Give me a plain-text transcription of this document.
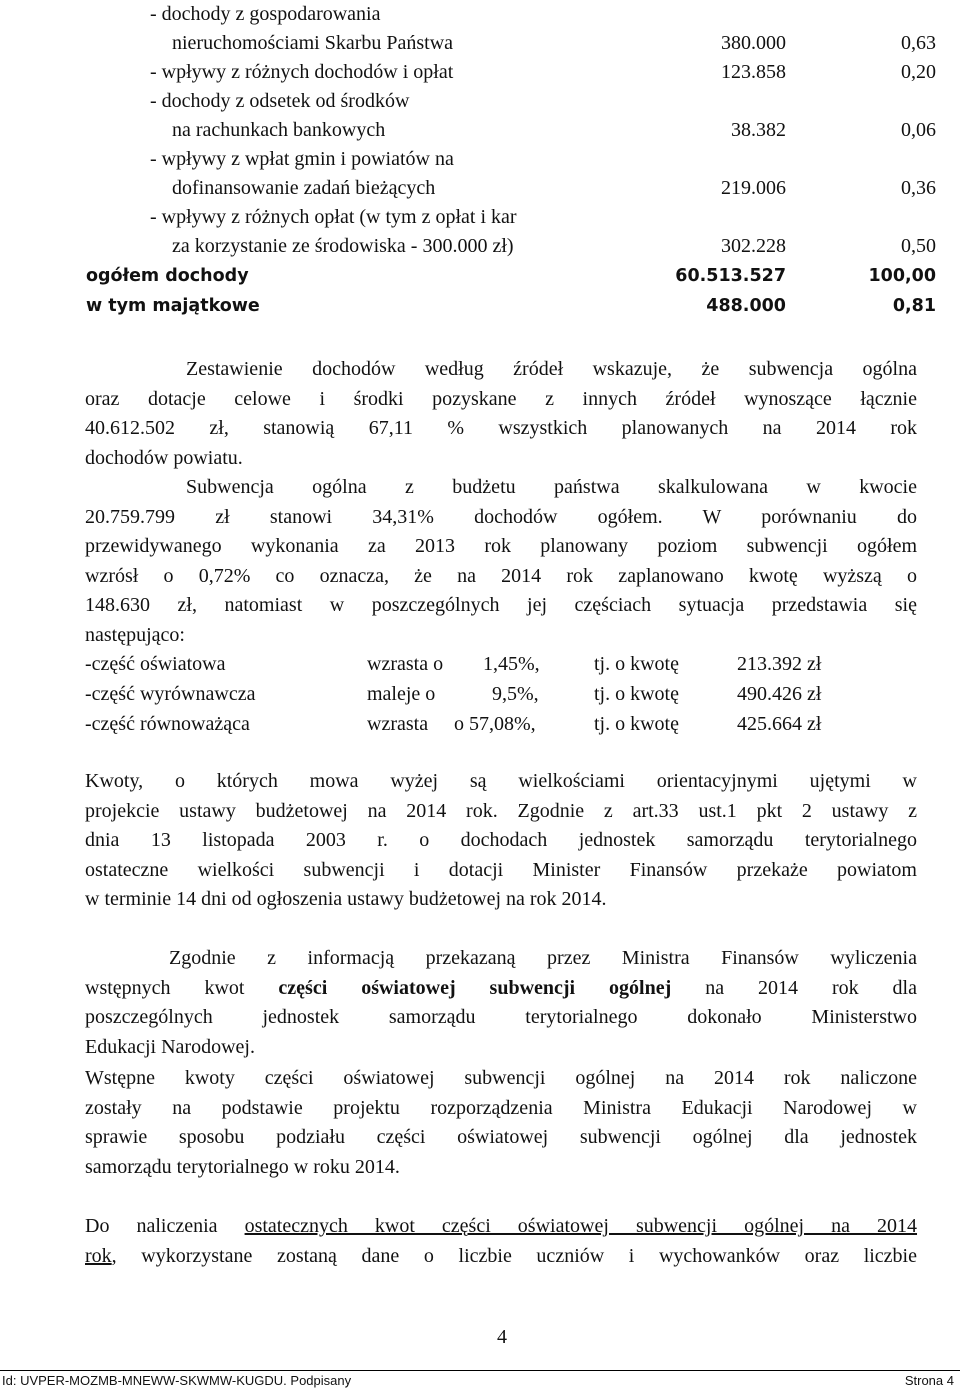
- dochody z gospodarowania
nieruchomościami Skarbu Państwa	380.000	0,63
- wpływy z różnych dochodów i opłat	123.858	0,20
- dochody z odsetek od środków
na rachunkach bankowych	38.382	0,06
- wpływy z wpłat gmin i powiatów na
dofinansowanie zadań bieżących	219.006	0,36
- wpływy z różnych opłat (w tym z opłat i kar
za korzystanie ze środowiska - 300.000 zł)	302.228	0,50
ogółem dochody	60.513.527	100,00
w tym majątkowe	488.000	0,81
Zestawienie dochodów według źródeł wskazuje, że subwencja ogólna
oraz dotacje celowe i środki pozyskane z innych źródeł wynoszące łącznie
40.612.502 zł, stanowią 67,11 % wszystkich planowanych na 2014 rok
dochodów powiatu.
Subwencja ogólna z budżetu państwa skalkulowana w kwocie
20.759.799 zł stanowi 34,31% dochodów ogółem. W porównaniu do
przewidywanego wykonania za 2013 rok planowany poziom subwencji ogółem
wzrósł o 0,72% co oznacza, że na 2014 rok zaplanowano kwotę wyższą o
148.630 zł, natomiast w poszczególnych jej częściach sytuacja przedstawia się
następująco:
-część oświatowa	wzrasta o 1,45%,	tj. o kwotę	213.392 zł
-część wyrównawcza	maleje o	9,5%,	tj. o kwotę	490.426 zł
-część równoważąca	wzrasta o 57,08%,	tj. o kwotę	425.664 zł
Kwoty, o których mowa wyżej są wielkościami orientacyjnymi ujętymi w
projekcie ustawy budżetowej na 2014 rok. Zgodnie z art.33 ust.1 pkt 2 ustawy z
dnia 13 listopada 2003 r. o dochodach jednostek samorządu terytorialnego
ostateczne wielkości subwencji i dotacji Minister Finansów przekaże powiatom
w terminie 14 dni od ogłoszenia ustawy budżetowej na rok 2014.
Zgodnie z informacją przekazaną przez Ministra Finansów wyliczenia
wstępnych kwot części oświatowej subwencji ogólnej na 2014 rok dla
poszczególnych jednostek samorządu terytorialnego dokonało Ministerstwo
Edukacji Narodowej.
Wstępne kwoty części oświatowej subwencji ogólnej na 2014 rok naliczone
zostały na podstawie projektu rozporządzenia Ministra Edukacji Narodowej w
sprawie sposobu podziału części oświatowej subwencji ogólnej dla jednostek
samorządu terytorialnego w roku 2014.
Do naliczenia ostatecznych kwot części oświatowej subwencji ogólnej na 2014
rok, wykorzystane zostaną dane o liczbie uczniów i wychowanków oraz liczbie
4
Id: UVPER-MOZMB-MNEWW-SKWMW-KUGDU. Podpisany	Strona 4
